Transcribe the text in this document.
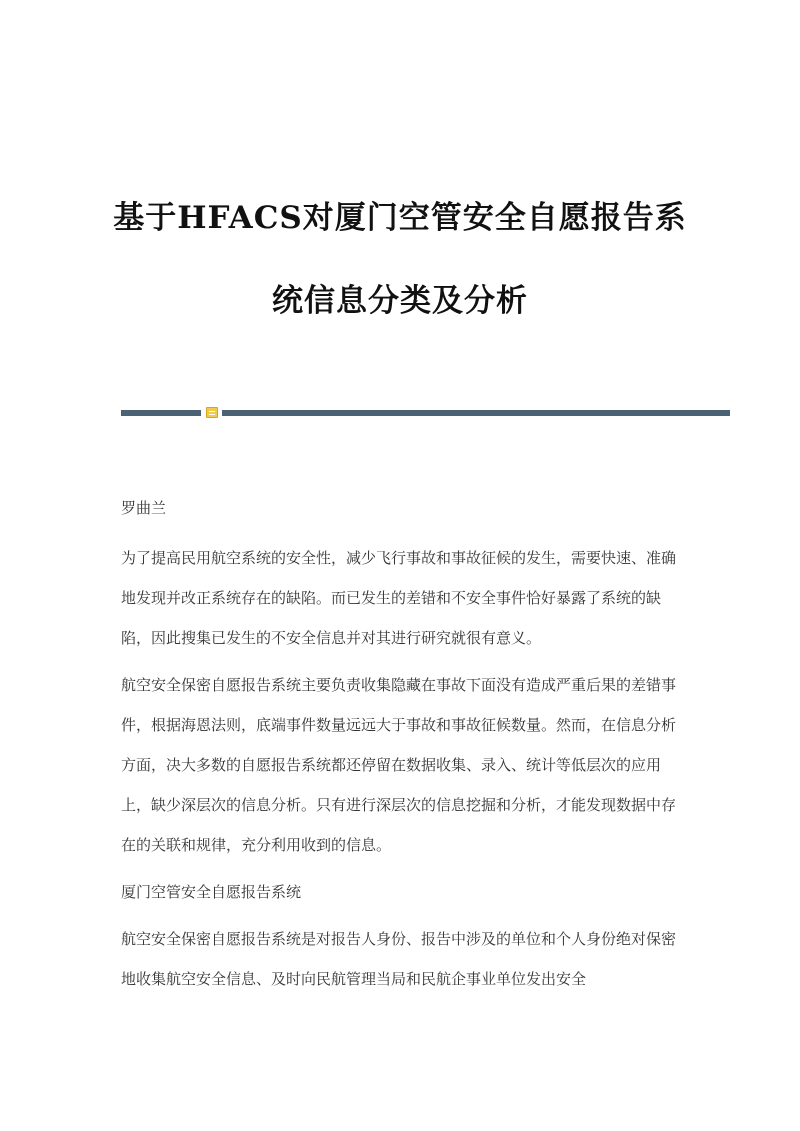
基于HFACS对厦门空管安全自愿报告系
统信息分类及分析

罗曲兰

为了提高民用航空系统的安全性，减少飞行事故和事故征候的发生，需要快速、准确地发现并改正系统存在的缺陷。而已发生的差错和不安全事件恰好暴露了系统的缺陷，因此搜集已发生的不安全信息并对其进行研究就很有意义。

航空安全保密自愿报告系统主要负责收集隐藏在事故下面没有造成严重后果的差错事件，根据海恩法则，底端事件数量远远大于事故和事故征候数量。然而，在信息分析方面，决大多数的自愿报告系统都还停留在数据收集、录入、统计等低层次的应用上，缺少深层次的信息分析。只有进行深层次的信息挖掘和分析，才能发现数据中存在的关联和规律，充分利用收到的信息。

厦门空管安全自愿报告系统

航空安全保密自愿报告系统是对报告人身份、报告中涉及的单位和个人身份绝对保密地收集航空安全信息、及时向民航管理当局和民航企事业单位发出安全
